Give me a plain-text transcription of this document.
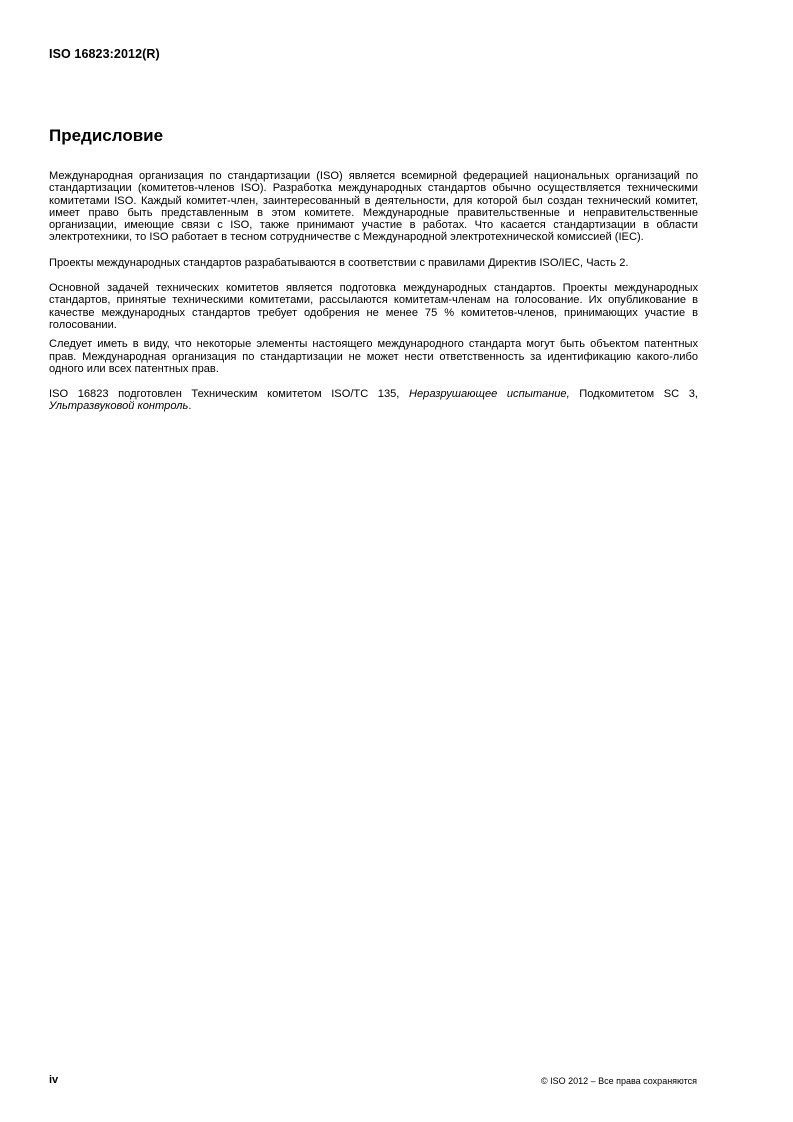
ISO 16823:2012(R)
Предисловие

Международная организация по стандартизации (ISO) является всемирной федерацией национальных организаций по стандартизации (комитетов-членов ISO). Разработка международных стандартов обычно осуществляется техническими комитетами ISO. Каждый комитет-член, заинтересованный в деятельности, для которой был создан технический комитет, имеет право быть представленным в этом комитете. Международные правительственные и неправительственные организации, имеющие связи с ISO, также принимают участие в работах. Что касается стандартизации в области электротехники, то ISO работает в тесном сотрудничестве с Международной электротехнической комиссией (IEC).

Проекты международных стандартов разрабатываются в соответствии с правилами Директив ISO/IEC, Часть 2.

Основной задачей технических комитетов является подготовка международных стандартов. Проекты международных стандартов, принятые техническими комитетами, рассылаются комитетам-членам на голосование. Их опубликование в качестве международных стандартов требует одобрения не менее 75 % комитетов-членов, принимающих участие в голосовании.

Следует иметь в виду, что некоторые элементы настоящего международного стандарта могут быть объектом патентных прав. Международная организация по стандартизации не может нести ответственность за идентификацию какого-либо одного или всех патентных прав.

ISO 16823 подготовлен Техническим комитетом ISO/TC 135, Неразрушающее испытание, Подкомитетом SC 3, Ультразвуковой контроль.

iv	© ISO 2012 – Все права сохраняются
